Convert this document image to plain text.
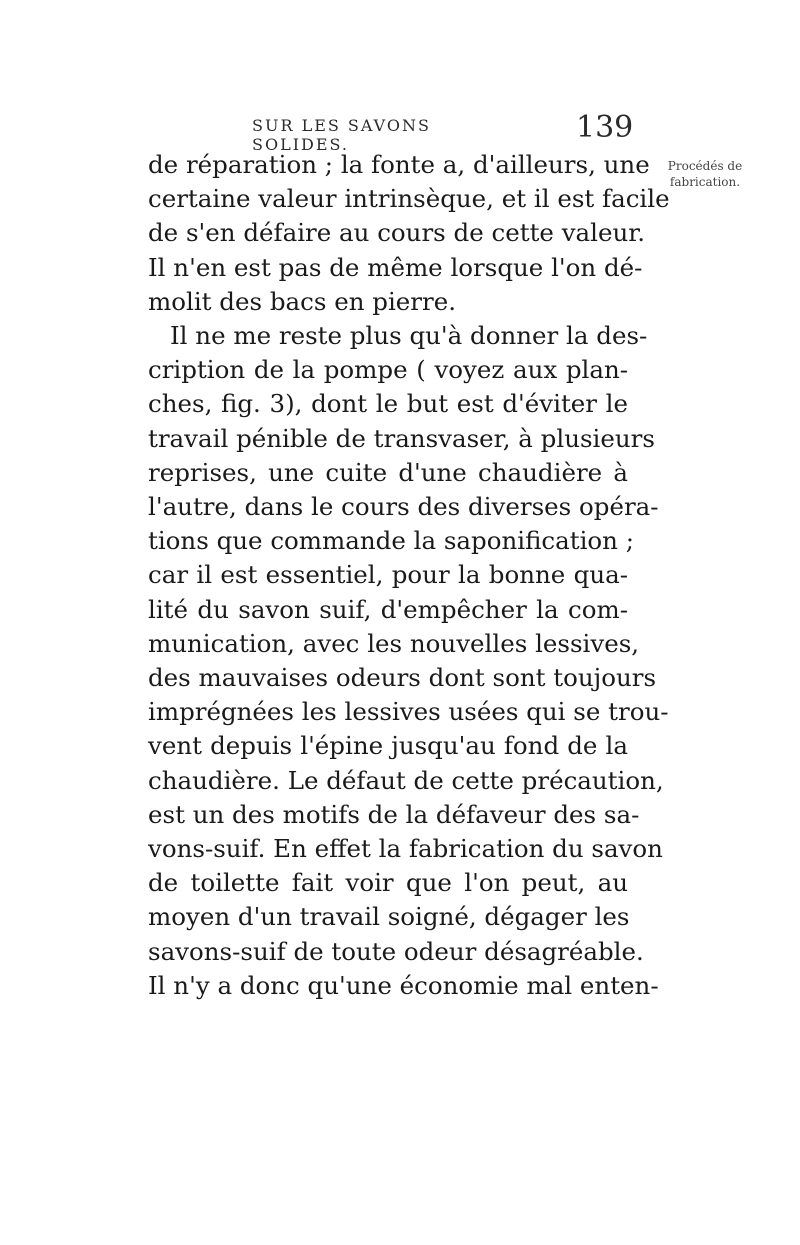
SUR LES SAVONS SOLIDES.	139
Procédés de
fabrication.
de réparation ; la fonte a, d'ailleurs, une
certaine valeur intrinsèque, et il est facile
de s'en défaire au cours de cette valeur.
Il n'en est pas de même lorsque l'on dé-
molit des bacs en pierre.
Il ne me reste plus qu'à donner la des-
cription de la pompe ( voyez aux plan-
ches, fig. 3), dont le but est d'éviter le
travail pénible de transvaser, à plusieurs
reprises, une cuite d'une chaudière à
l'autre, dans le cours des diverses opéra-
tions que commande la saponification ;
car il est essentiel, pour la bonne qua-
lité du savon suif, d'empêcher la com-
munication, avec les nouvelles lessives,
des mauvaises odeurs dont sont toujours
imprégnées les lessives usées qui se trou-
vent depuis l'épine jusqu'au fond de la
chaudière. Le défaut de cette précaution,
est un des motifs de la défaveur des sa-
vons-suif. En effet la fabrication du savon
de toilette fait voir que l'on peut, au
moyen d'un travail soigné, dégager les
savons-suif de toute odeur désagréable.
Il n'y a donc qu'une économie mal enten-
